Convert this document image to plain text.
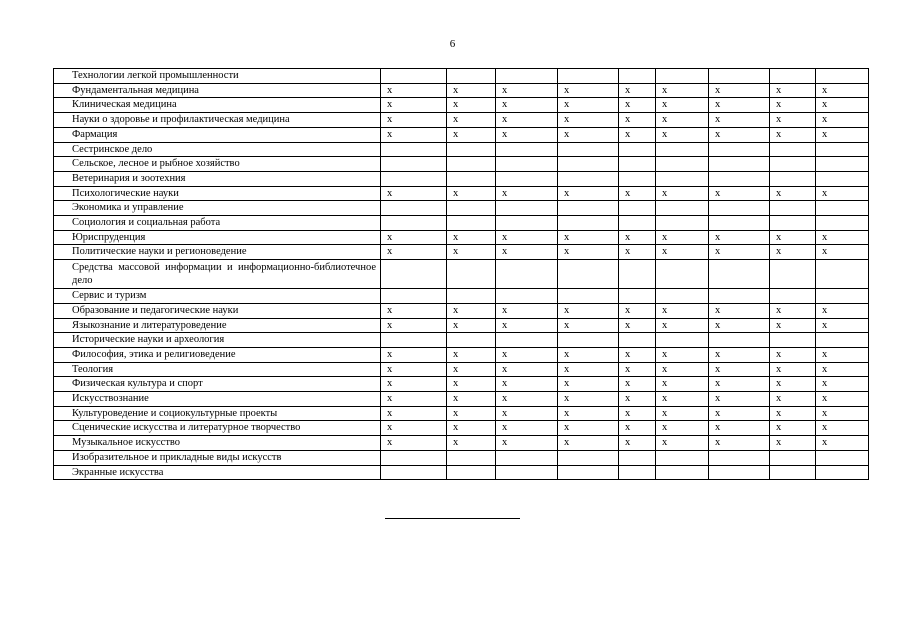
6
Технологии легкой промышленности									
Фундаментальная медицина	x	x	x	x	x	x	x	x	x
Клиническая медицина	x	x	x	x	x	x	x	x	x
Науки о здоровье и профилактическая медицина	x	x	x	x	x	x	x	x	x
Фармация	x	x	x	x	x	x	x	x	x
Сестринское дело									
Сельское, лесное и рыбное хозяйство									
Ветеринария и зоотехния									
Психологические науки	x	x	x	x	x	x	x	x	x
Экономика и управление									
Социология и социальная работа									
Юриспруденция	x	x	x	x	x	x	x	x	x
Политические науки и регионоведение	x	x	x	x	x	x	x	x	x
Средства массовой информации и информационно-библиотечное дело									
Сервис и туризм									
Образование и педагогические науки	x	x	x	x	x	x	x	x	x
Языкознание и литературоведение	x	x	x	x	x	x	x	x	x
Исторические науки и археология									
Философия, этика и религиоведение	x	x	x	x	x	x	x	x	x
Теология	x	x	x	x	x	x	x	x	x
Физическая культура и спорт	x	x	x	x	x	x	x	x	x
Искусствознание	x	x	x	x	x	x	x	x	x
Культуроведение и социокультурные проекты	x	x	x	x	x	x	x	x	x
Сценические искусства и литературное творчество	x	x	x	x	x	x	x	x	x
Музыкальное искусство	x	x	x	x	x	x	x	x	x
Изобразительное и прикладные виды искусств									
Экранные искусства									
